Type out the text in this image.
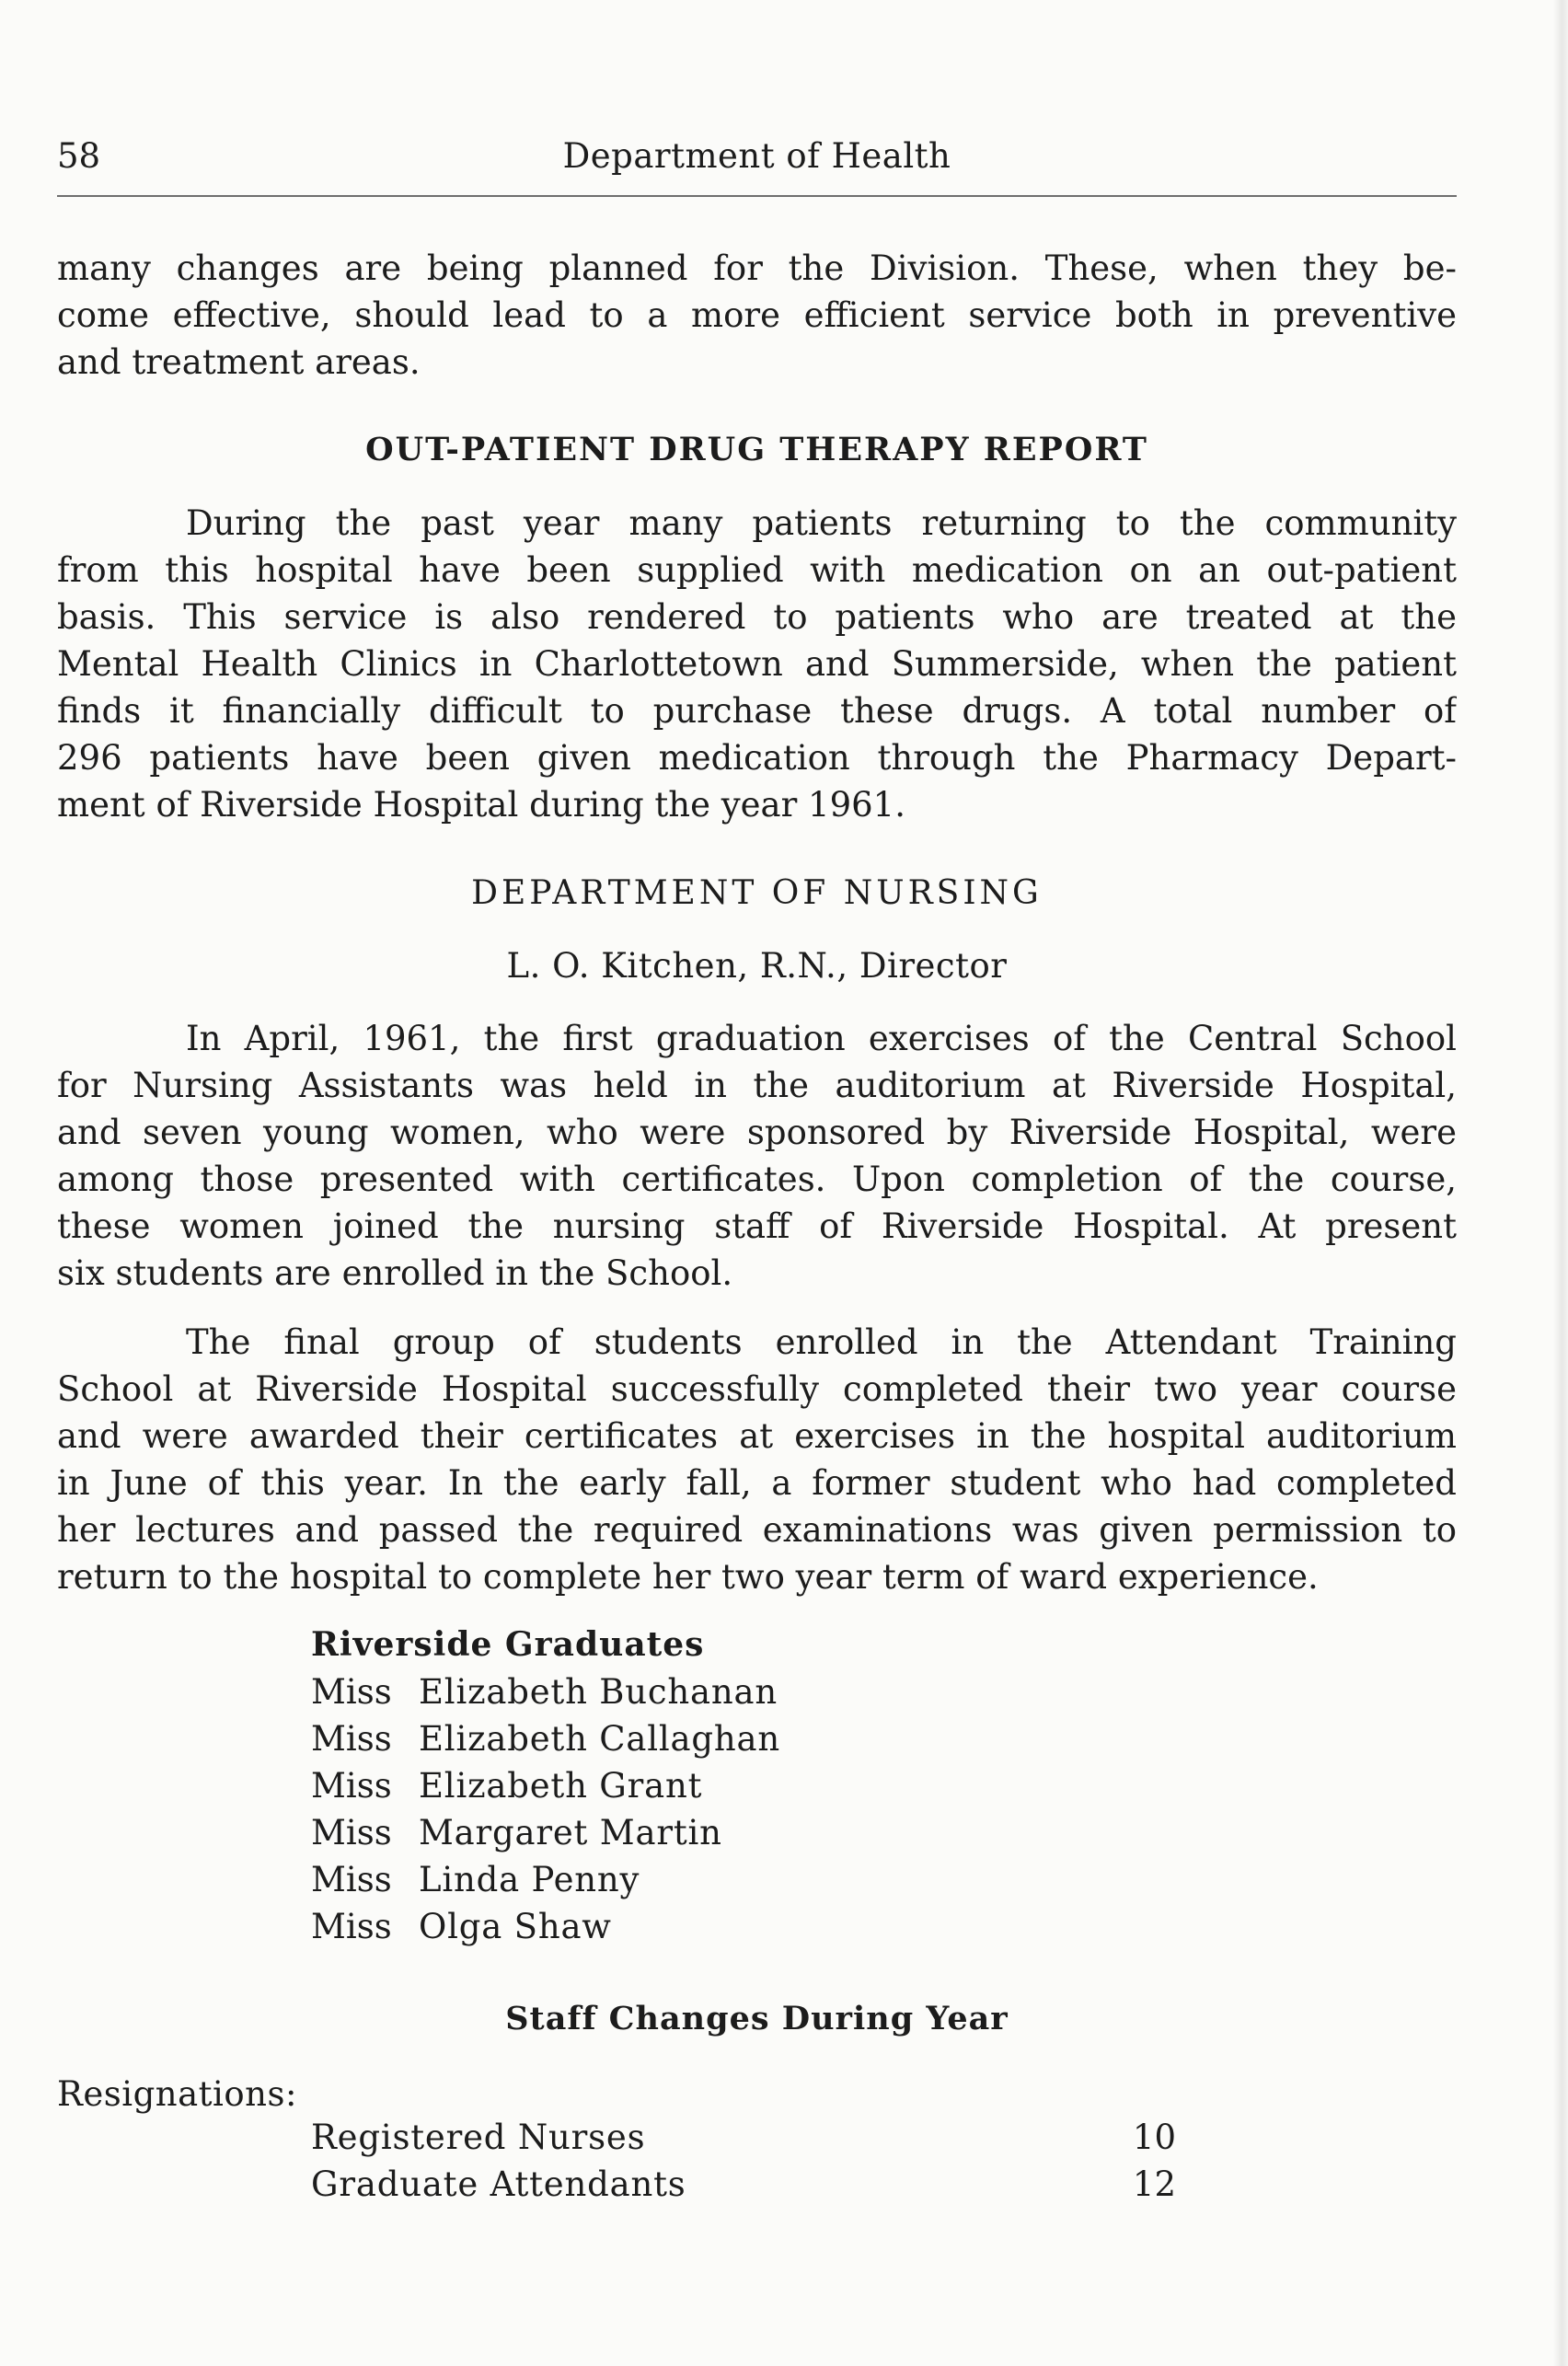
58	Department of Health
many changes are being planned for the Division. These, when they be-
come effective, should lead to a more efficient service both in preventive
and treatment areas.
OUT-PATIENT DRUG THERAPY REPORT
During the past year many patients returning to the community
from this hospital have been supplied with medication on an out-patient
basis. This service is also rendered to patients who are treated at the
Mental Health Clinics in Charlottetown and Summerside, when the patient
finds it financially difficult to purchase these drugs. A total number of
296 patients have been given medication through the Pharmacy Depart-
ment of Riverside Hospital during the year 1961.
DEPARTMENT OF NURSING
L. O. Kitchen, R.N., Director
In April, 1961, the first graduation exercises of the Central School
for Nursing Assistants was held in the auditorium at Riverside Hospital,
and seven young women, who were sponsored by Riverside Hospital, were
among those presented with certificates. Upon completion of the course,
these women joined the nursing staff of Riverside Hospital. At present
six students are enrolled in the School.
The final group of students enrolled in the Attendant Training
School at Riverside Hospital successfully completed their two year course
and were awarded their certificates at exercises in the hospital auditorium
in June of this year. In the early fall, a former student who had completed
her lectures and passed the required examinations was given permission to
return to the hospital to complete her two year term of ward experience.
Riverside Graduates
Miss Elizabeth Buchanan
Miss Elizabeth Callaghan
Miss Elizabeth Grant
Miss Margaret Martin
Miss Linda Penny
Miss Olga Shaw
Staff Changes During Year
Resignations:
Registered Nurses	10
Graduate Attendants	12
